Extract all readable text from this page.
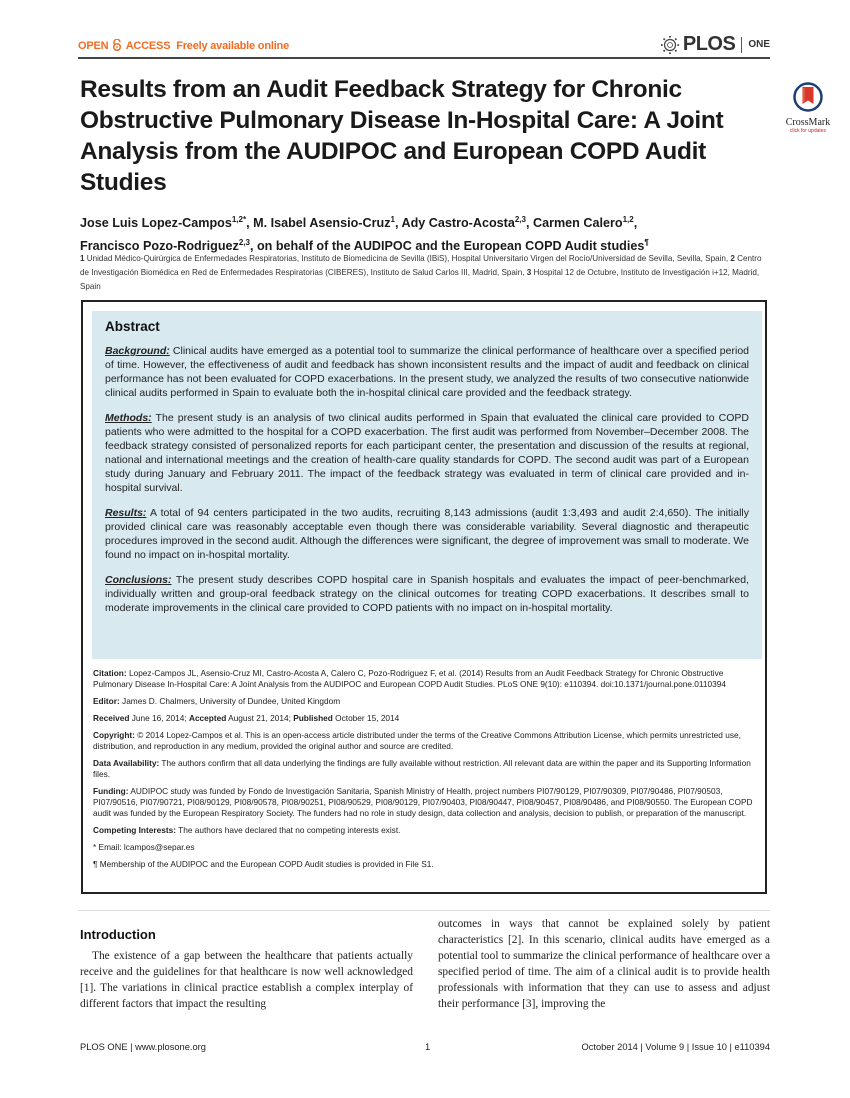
OPEN ACCESS Freely available online	PLOS ONE
Results from an Audit Feedback Strategy for Chronic Obstructive Pulmonary Disease In-Hospital Care: A Joint Analysis from the AUDIPOC and European COPD Audit Studies
CrossMark
click for updates
Jose Luis Lopez-Campos$^{1,2*}$, M. Isabel Asensio-Cruz$^1$, Ady Castro-Acosta$^{2,3}$, Carmen Calero$^{1,2}$,
Francisco Pozo-Rodriguez$^{2,3}$, on behalf of the AUDIPOC and the European COPD Audit studies¶
1 Unidad Médico-Quirúrgica de Enfermedades Respiratorias, Instituto de Biomedicina de Sevilla (IBiS), Hospital Universitario Virgen del Rocío/Universidad de Sevilla, Sevilla, Spain, 2 Centro de Investigación Biomédica en Red de Enfermedades Respiratorias (CIBERES), Instituto de Salud Carlos III, Madrid, Spain, 3 Hospital 12 de Octubre, Instituto de Investigación i+12, Madrid, Spain
Abstract

Background: Clinical audits have emerged as a potential tool to summarize the clinical performance of healthcare over a specified period of time. However, the effectiveness of audit and feedback has shown inconsistent results and the impact of audit and feedback on clinical performance has not been evaluated for COPD exacerbations. In the present study, we analyzed the results of two consecutive nationwide clinical audits performed in Spain to evaluate both the in-hospital clinical care provided and the feedback strategy.

Methods: The present study is an analysis of two clinical audits performed in Spain that evaluated the clinical care provided to COPD patients who were admitted to the hospital for a COPD exacerbation. The first audit was performed from November–December 2008. The feedback strategy consisted of personalized reports for each participant center, the presentation and discussion of the results at regional, national and international meetings and the creation of health-care quality standards for COPD. The second audit was part of a European study during January and February 2011. The impact of the feedback strategy was evaluated in term of clinical care provided and in-hospital survival.

Results: A total of 94 centers participated in the two audits, recruiting 8,143 admissions (audit 1:3,493 and audit 2:4,650). The initially provided clinical care was reasonably acceptable even though there was considerable variability. Several diagnostic and therapeutic procedures improved in the second audit. Although the differences were significant, the degree of improvement was small to moderate. We found no impact on in-hospital mortality.

Conclusions: The present study describes COPD hospital care in Spanish hospitals and evaluates the impact of peer-benchmarked, individually written and group-oral feedback strategy on the clinical outcomes for treating COPD exacerbations. It describes small to moderate improvements in the clinical care provided to COPD patients with no impact on in-hospital mortality.

Citation: Lopez-Campos JL, Asensio-Cruz MI, Castro-Acosta A, Calero C, Pozo-Rodriguez F, et al. (2014) Results from an Audit Feedback Strategy for Chronic Obstructive Pulmonary Disease In-Hospital Care: A Joint Analysis from the AUDIPOC and European COPD Audit Studies. PLoS ONE 9(10): e110394. doi:10.1371/journal.pone.0110394

Editor: James D. Chalmers, University of Dundee, United Kingdom

Received June 16, 2014; Accepted August 21, 2014; Published October 15, 2014

Copyright: © 2014 Lopez-Campos et al. This is an open-access article distributed under the terms of the Creative Commons Attribution License, which permits unrestricted use, distribution, and reproduction in any medium, provided the original author and source are credited.

Data Availability: The authors confirm that all data underlying the findings are fully available without restriction. All relevant data are within the paper and its Supporting Information files.

Funding: AUDIPOC study was funded by Fondo de Investigación Sanitaria, Spanish Ministry of Health, project numbers PI07/90129, PI07/90309, PI07/90486, PI07/90503, PI07/90516, PI07/90721, PI08/90129, PI08/90578, PI08/90251, PI08/90529, PI08/90129, PI07/90403, PI08/90447, PI08/90457, PI08/90486, and PI08/90550. The European COPD audit was funded by the European Respiratory Society. The funders had no role in study design, data collection and analysis, decision to publish, or preparation of the manuscript.

Competing Interests: The authors have declared that no competing interests exist.

* Email: lcampos@separ.es

¶ Membership of the AUDIPOC and the European COPD Audit studies is provided in File S1.

Introduction
The existence of a gap between the healthcare that patients actually receive and the guidelines for that healthcare is now well acknowledged [1]. The variations in clinical practice establish a complex interplay of different factors that impact the resulting
outcomes in ways that cannot be explained solely by patient characteristics [2]. In this scenario, clinical audits have emerged as a potential tool to summarize the clinical performance of healthcare over a specified period of time. The aim of a clinical audit is to provide health professionals with information that they can use to assess and adjust their performance [3], improving the
PLOS ONE | www.plosone.org	1	October 2014 | Volume 9 | Issue 10 | e110394
